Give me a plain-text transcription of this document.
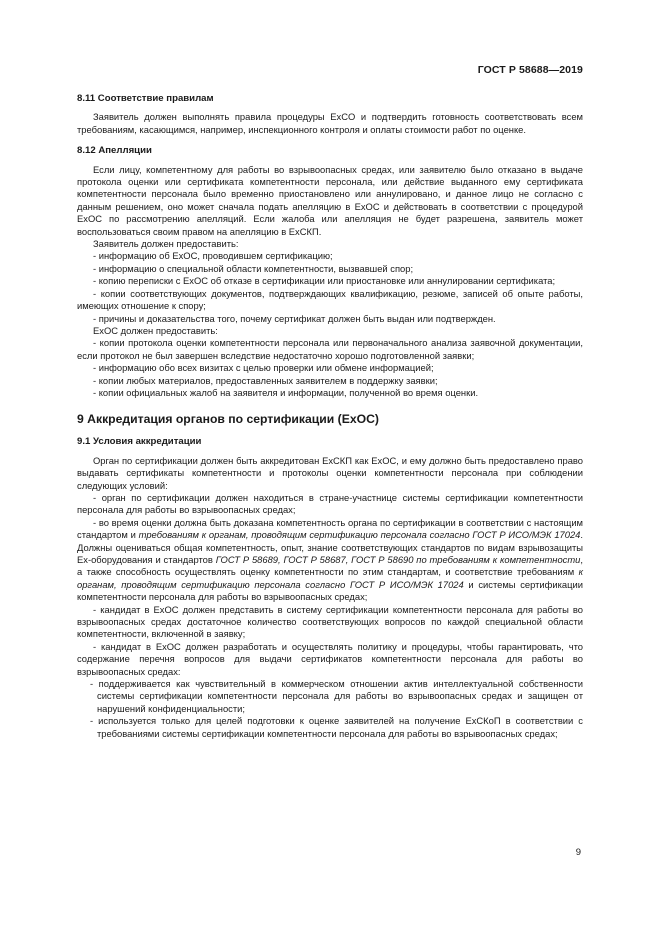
ГОСТ Р 58688—2019
8.11 Соответствие правилам

Заявитель должен выполнять правила процедуры ExCO и подтвердить готовность соответствовать всем требованиям, касающимся, например, инспекционного контроля и оплаты стоимости работ по оценке.

8.12 Апелляции

Если лицу, компетентному для работы во взрывоопасных средах, или заявителю было отказано в выдаче протокола оценки или сертификата компетентности персонала, или действие выданного ему сертификата компетентности персонала было временно приостановлено или аннулировано, и данное лицо не согласно с данным решением, оно может сначала подать апелляцию в ExOC и действовать в соответствии с процедурой ExOC по рассмотрению апелляций. Если жалоба или апелляция не будет разрешена, заявитель может воспользоваться своим правом на апелляцию в ExCКП.

Заявитель должен предоставить:

- информацию об ExOC, проводившем сертификацию;

- информацию о специальной области компетентности, вызвавшей спор;

- копию переписки с ExOC об отказе в сертификации или приостановке или аннулировании сертификата;

- копии соответствующих документов, подтверждающих квалификацию, резюме, записей об опыте работы, имеющих отношение к спору;

- причины и доказательства того, почему сертификат должен быть выдан или подтвержден.

ExOC должен предоставить:

- копии протокола оценки компетентности персонала или первоначального анализа заявочной документации, если протокол не был завершен вследствие недостаточно хорошо подготовленной заявки;

- информацию обо всех визитах с целью проверки или обмене информацией;

- копии любых материалов, предоставленных заявителем в поддержку заявки;

- копии официальных жалоб на заявителя и информации, полученной во время оценки.

9 Аккредитация органов по сертификации (ExOC)
9.1 Условия аккредитации

Орган по сертификации должен быть аккредитован ExCКП как ExOC, и ему должно быть предоставлено право выдавать сертификаты компетентности и протоколы оценки компетентности персонала при соблюдении следующих условий:

- орган по сертификации должен находиться в стране-участнице системы сертификации компетентности персонала для работы во взрывоопасных средах;

- во время оценки должна быть доказана компетентность органа по сертификации в соответствии с настоящим стандартом и требованиям к органам, проводящим сертификацию персонала согласно ГОСТ Р ИСО/МЭК 17024. Должны оцениваться общая компетентность, опыт, знание соответствующих стандартов по видам взрывозащиты Ex-оборудования и стандартов ГОСТ Р 58689, ГОСТ Р 58687, ГОСТ Р 58690 по требованиям к компетентности, а также способность осуществлять оценку компетентности по этим стандартам, и соответствие требованиям к органам, проводящим сертификацию персонала согласно ГОСТ Р ИСО/МЭК 17024 и системы сертификации компетентности персонала для работы во взрывоопасных средах;

- кандидат в ExOC должен представить в систему сертификации компетентности персонала для работы во взрывоопасных средах достаточное количество соответствующих вопросов по каждой специальной области компетентности, включенной в заявку;

- кандидат в ExOC должен разработать и осуществлять политику и процедуры, чтобы гарантировать, что содержание перечня вопросов для выдачи сертификатов компетентности персонала для работы во взрывоопасных средах:

- поддерживается как чувствительный в коммерческом отношении актив интеллектуальной собственности системы сертификации компетентности персонала для работы во взрывоопасных средах и защищен от нарушений конфиденциальности;

- используется только для целей подготовки к оценке заявителей на получение ExCКоП в соответствии с требованиями системы сертификации компетентности персонала для работы во взрывоопасных средах;

9
